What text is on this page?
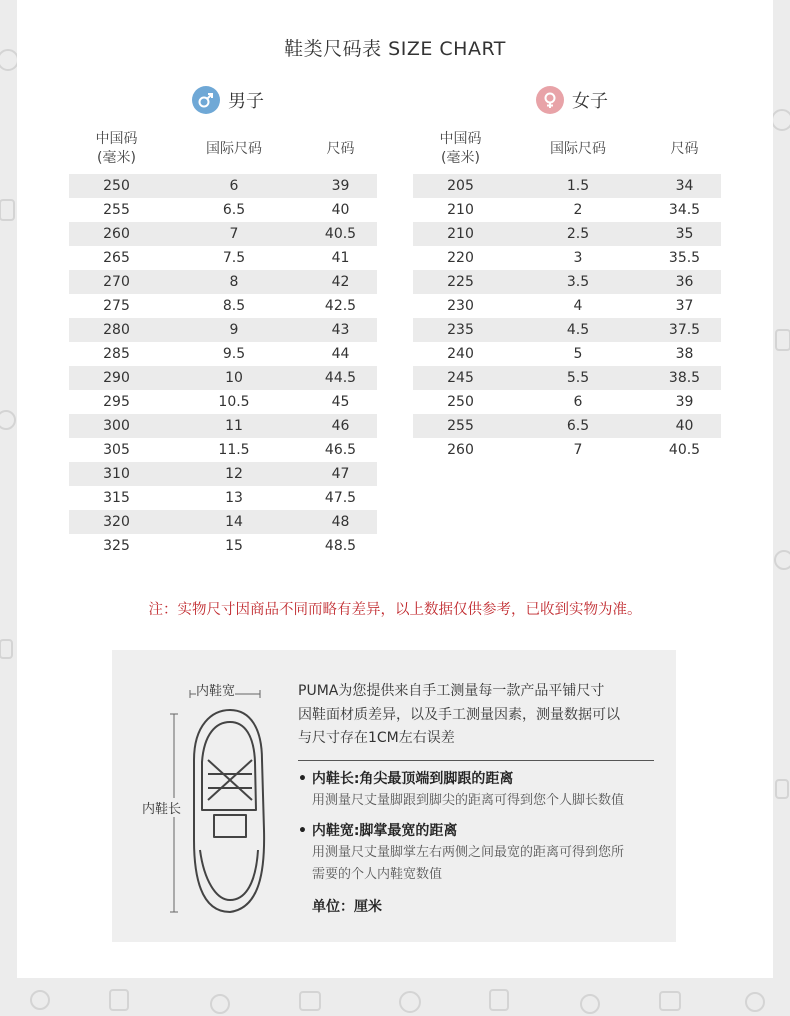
鞋类尺码表 SIZE CHART
男子	女子
中国码
(毫米)
国际尺码	尺码
250	6	39
255	6.5	40
260	7	40.5
265	7.5	41
270	8	42
275	8.5	42.5
280	9	43
285	9.5	44
290	10	44.5
295	10.5	45
300	11	46
305	11.5	46.5
310	12	47
315	13	47.5
320	14	48
325	15	48.5
中国码
(毫米)
国际尺码	尺码
205	1.5	34
210	2	34.5
210	2.5	35
220	3	35.5
225	3.5	36
230	4	37
235	4.5	37.5
240	5	38
245	5.5	38.5
250	6	39
255	6.5	40
260	7	40.5
注：实物尺寸因商品不同而略有差异，以上数据仅供参考，已收到实物为准。
内鞋宽
内鞋长
PUMA为您提供来自手工测量每一款产品平铺尺寸
因鞋面材质差异，以及手工测量因素，测量数据可以
与尺寸存在1CM左右误差
• 内鞋长:角尖最顶端到脚跟的距离
用测量尺丈量脚跟到脚尖的距离可得到您个人脚长数值
• 内鞋宽:脚掌最宽的距离
用测量尺丈量脚掌左右两侧之间最宽的距离可得到您所
需要的个人内鞋宽数值
单位：厘米
